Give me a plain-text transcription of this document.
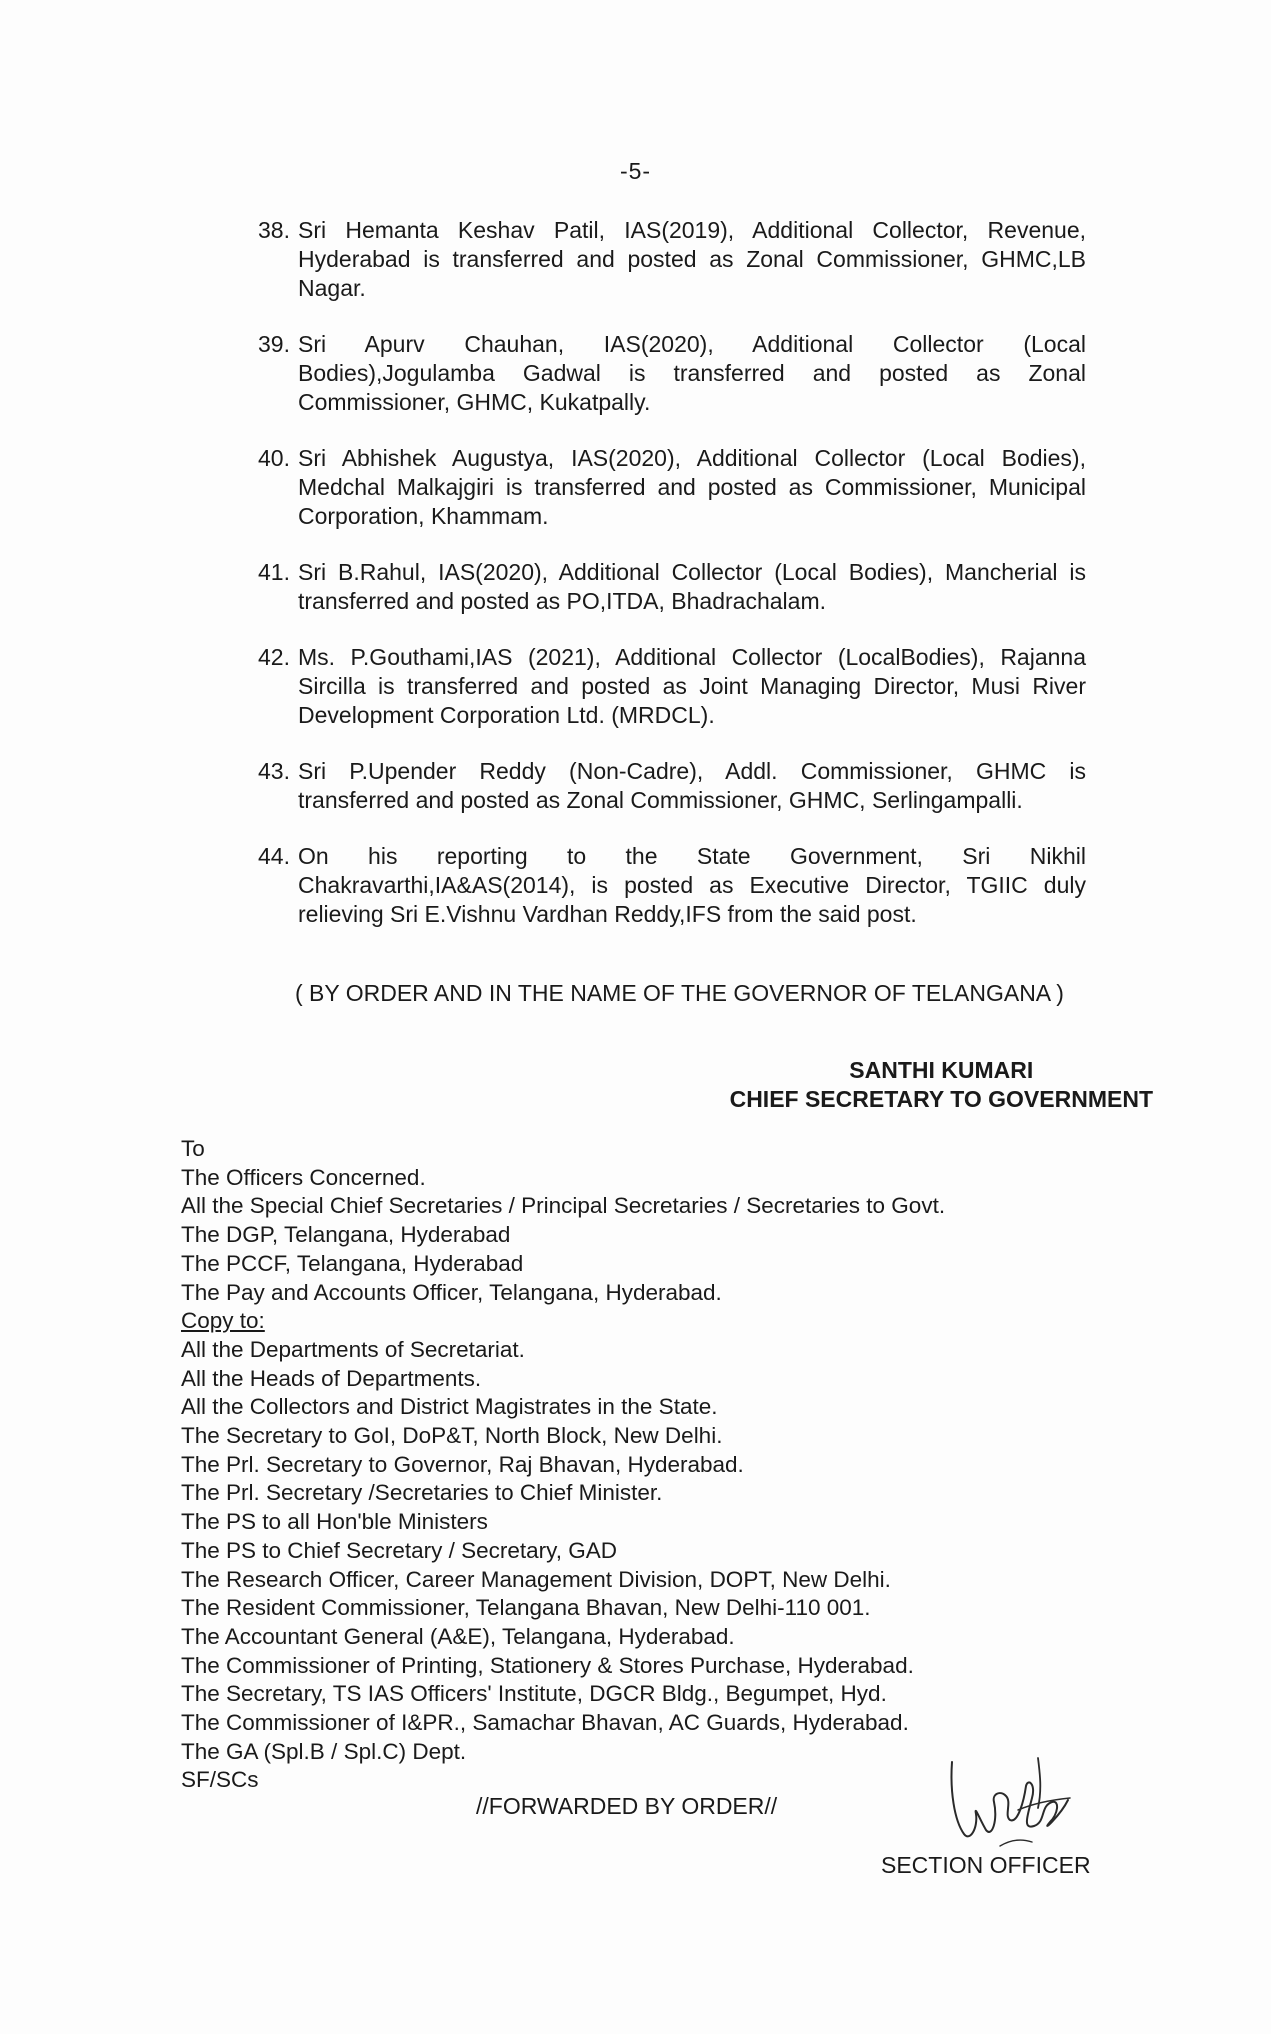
-5-
38. Sri Hemanta Keshav Patil, IAS(2019), Additional Collector, Revenue, Hyderabad is transferred and posted as Zonal Commissioner, GHMC,LB Nagar.
39. Sri Apurv Chauhan, IAS(2020), Additional Collector (Local Bodies),Jogulamba Gadwal is transferred and posted as Zonal Commissioner, GHMC, Kukatpally.
40. Sri Abhishek Augustya, IAS(2020), Additional Collector (Local Bodies), Medchal Malkajgiri is transferred and posted as Commissioner, Municipal Corporation, Khammam.
41. Sri B.Rahul, IAS(2020), Additional Collector (Local Bodies), Mancherial is transferred and posted as PO,ITDA, Bhadrachalam.
42. Ms. P.Gouthami,IAS (2021), Additional Collector (LocalBodies), Rajanna Sircilla is transferred and posted as Joint Managing Director, Musi River Development Corporation Ltd. (MRDCL).
43. Sri P.Upender Reddy (Non-Cadre), Addl. Commissioner, GHMC is transferred and posted as Zonal Commissioner, GHMC, Serlingampalli.
44. On his reporting to the State Government, Sri Nikhil Chakravarthi,IA&AS(2014), is posted as Executive Director, TGIIC duly relieving Sri E.Vishnu Vardhan Reddy,IFS from the said post.
( BY ORDER AND IN THE NAME OF THE GOVERNOR OF TELANGANA )
SANTHI KUMARI
CHIEF SECRETARY TO GOVERNMENT
To
The Officers Concerned.
All the Special Chief Secretaries / Principal Secretaries / Secretaries to Govt.
The DGP, Telangana, Hyderabad
The PCCF, Telangana, Hyderabad
The Pay and Accounts Officer, Telangana, Hyderabad.
Copy to:
All the Departments of Secretariat.
All the Heads of Departments.
All the Collectors and District Magistrates in the State.
The Secretary to GoI, DoP&T, North Block, New Delhi.
The Prl. Secretary to Governor, Raj Bhavan, Hyderabad.
The Prl. Secretary /Secretaries to Chief Minister.
The PS to all Hon'ble Ministers
The PS to Chief Secretary / Secretary, GAD
The Research Officer, Career Management Division, DOPT, New Delhi.
The Resident Commissioner, Telangana Bhavan, New Delhi-110 001.
The Accountant General (A&E), Telangana, Hyderabad.
The Commissioner of Printing, Stationery & Stores Purchase, Hyderabad.
The Secretary, TS IAS Officers' Institute, DGCR Bldg., Begumpet, Hyd.
The Commissioner of I&PR., Samachar Bhavan, AC Guards, Hyderabad.
The GA (Spl.B / Spl.C) Dept.
SF/SCs
//FORWARDED BY ORDER//
SECTION OFFICER
